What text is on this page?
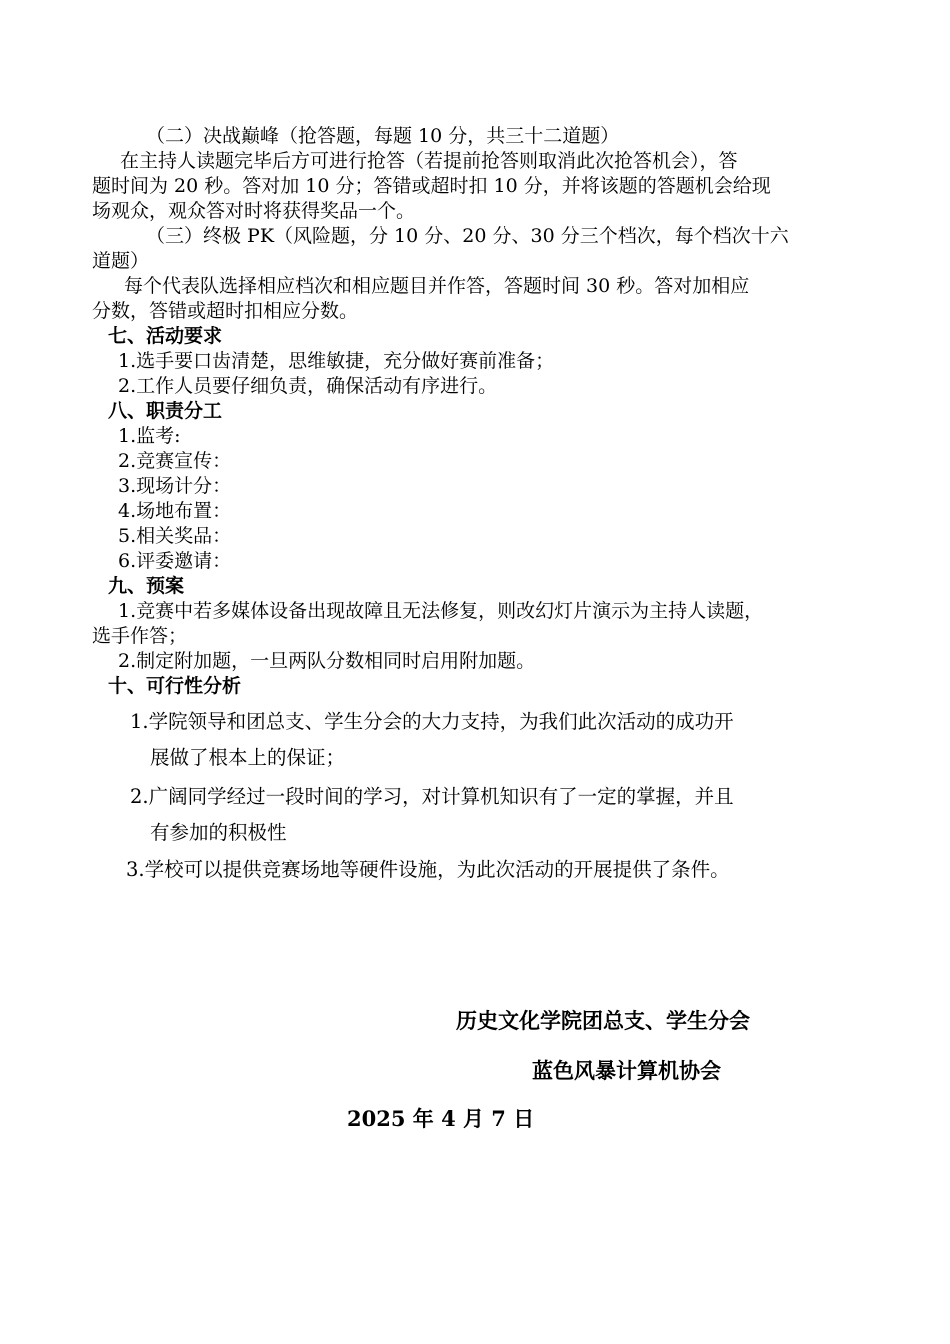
（二）决战巅峰（抢答题，每题 10 分，共三十二道题）
在主持人读题完毕后方可进行抢答（若提前抢答则取消此次抢答机会），答
题时间为 20 秒。答对加 10 分；答错或超时扣 10 分，并将该题的答题机会给现
场观众，观众答对时将获得奖品一个。
（三）终极 PK（风险题，分 10 分、20 分、30 分三个档次，每个档次十六
道题）
每个代表队选择相应档次和相应题目并作答，答题时间 30 秒。答对加相应
分数，答错或超时扣相应分数。
七、活动要求
1.选手要口齿清楚，思维敏捷，充分做好赛前准备；
2.工作人员要仔细负责，确保活动有序进行。
八、职责分工
1.监考:
2.竞赛宣传：
3.现场计分：
4.场地布置：
5.相关奖品：
6.评委邀请：
九、预案
1.竞赛中若多媒体设备出现故障且无法修复，则改幻灯片演示为主持人读题，
选手作答；
2.制定附加题，一旦两队分数相同时启用附加题。
十、可行性分析
1.学院领导和团总支、学生分会的大力支持，为我们此次活动的成功开
展做了根本上的保证；
2.广阔同学经过一段时间的学习，对计算机知识有了一定的掌握，并且
有参加的积极性
3.学校可以提供竞赛场地等硬件设施，为此次活动的开展提供了条件。
历史文化学院团总支、学生分会
蓝色风暴计算机协会
2025 年 4 月 7 日
